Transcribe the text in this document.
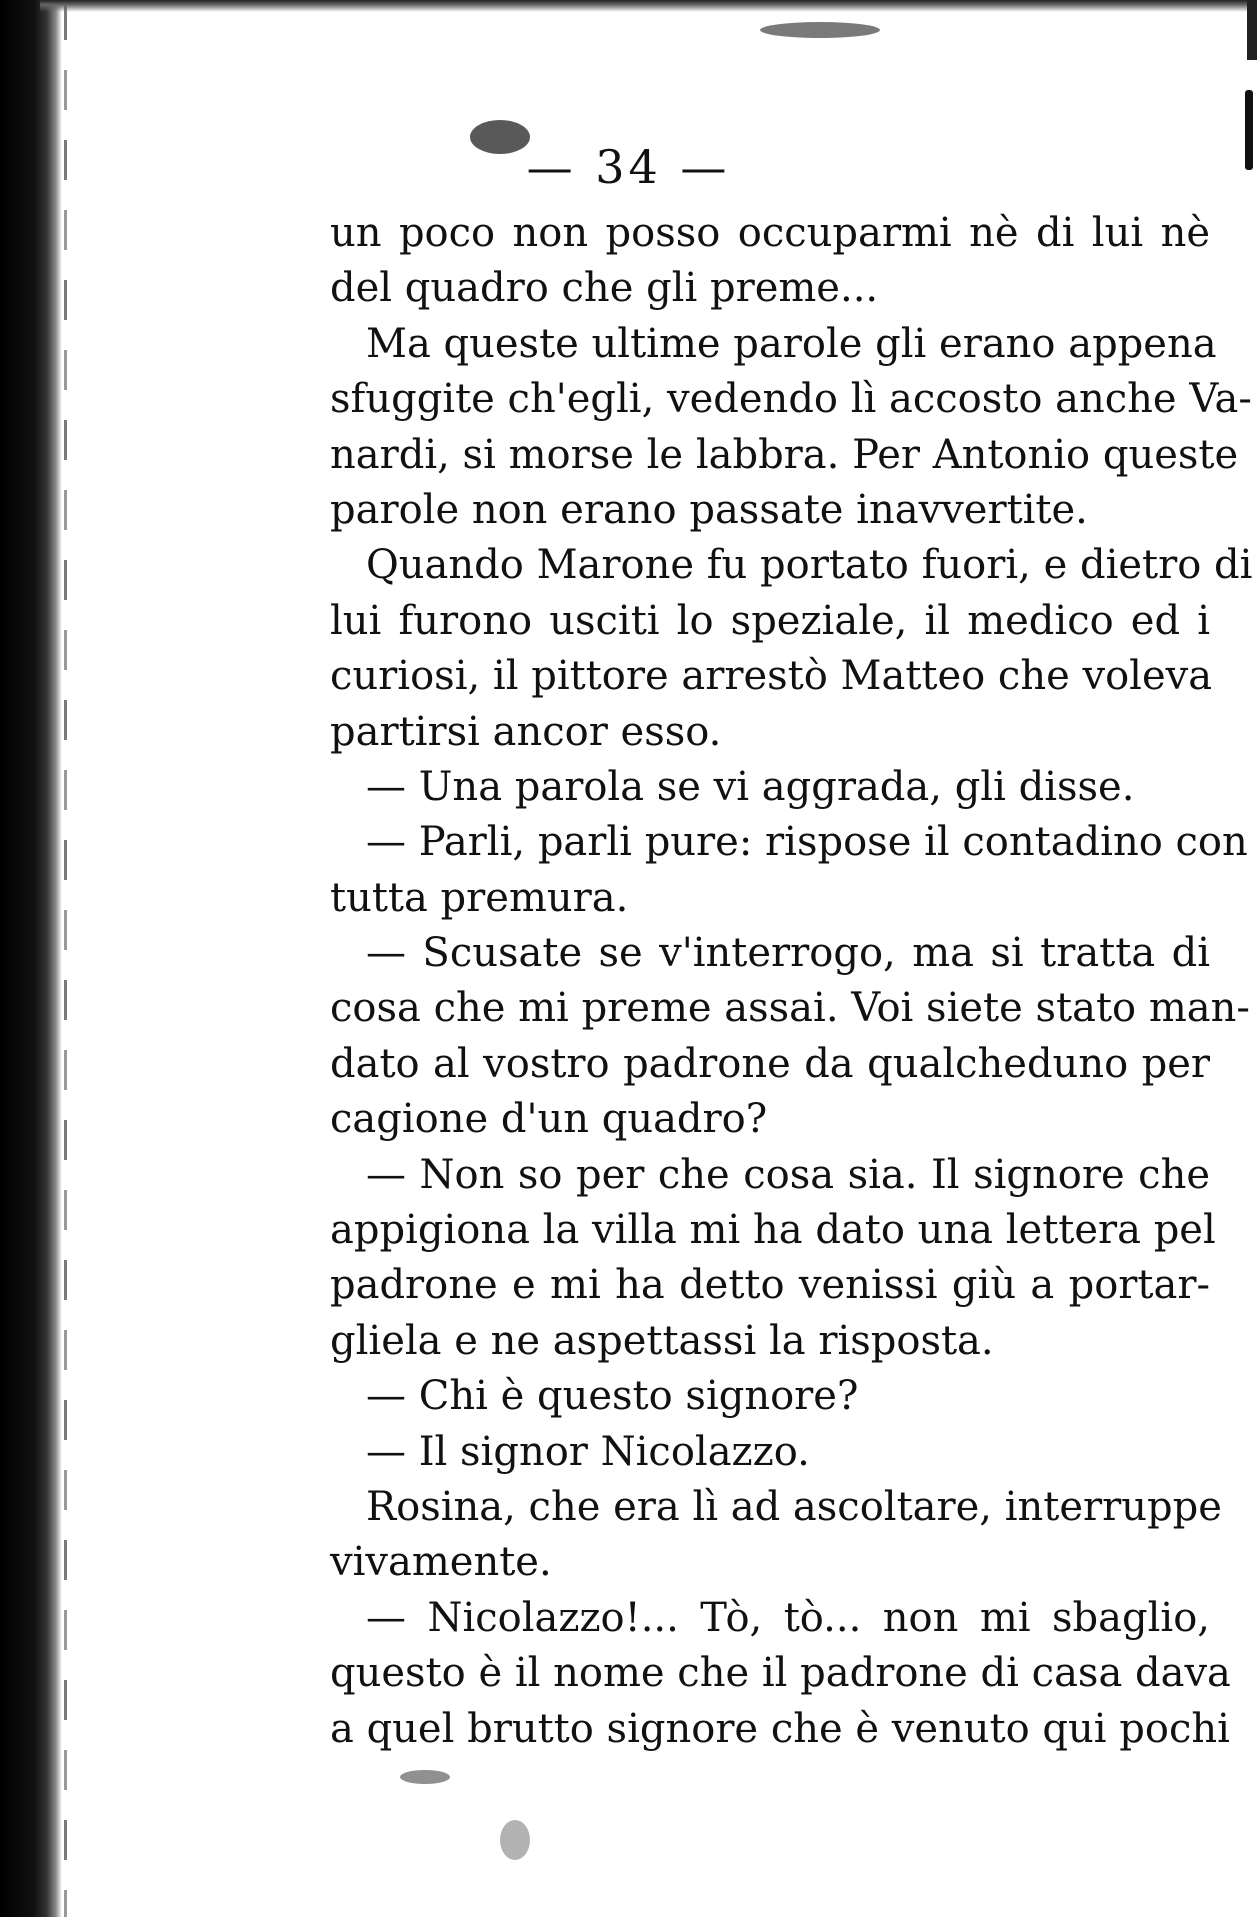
— 34 —
un poco non posso occuparmi nè di lui nè
del quadro che gli preme...
Ma queste ultime parole gli erano appena
sfuggite ch'egli, vedendo lì accosto anche Va-
nardi, si morse le labbra. Per Antonio queste
parole non erano passate inavvertite.
Quando Marone fu portato fuori, e dietro di
lui furono usciti lo speziale, il medico ed i
curiosi, il pittore arrestò Matteo che voleva
partirsi ancor esso.
— Una parola se vi aggrada, gli disse.
— Parli, parli pure: rispose il contadino con
tutta premura.
— Scusate se v'interrogo, ma si tratta di
cosa che mi preme assai. Voi siete stato man-
dato al vostro padrone da qualcheduno per
cagione d'un quadro?
— Non so per che cosa sia. Il signore che
appigiona la villa mi ha dato una lettera pel
padrone e mi ha detto venissi giù a portar-
gliela e ne aspettassi la risposta.
— Chi è questo signore?
— Il signor Nicolazzo.
Rosina, che era lì ad ascoltare, interruppe
vivamente.
— Nicolazzo!... Tò, tò... non mi sbaglio,
questo è il nome che il padrone di casa dava
a quel brutto signore che è venuto qui pochi
